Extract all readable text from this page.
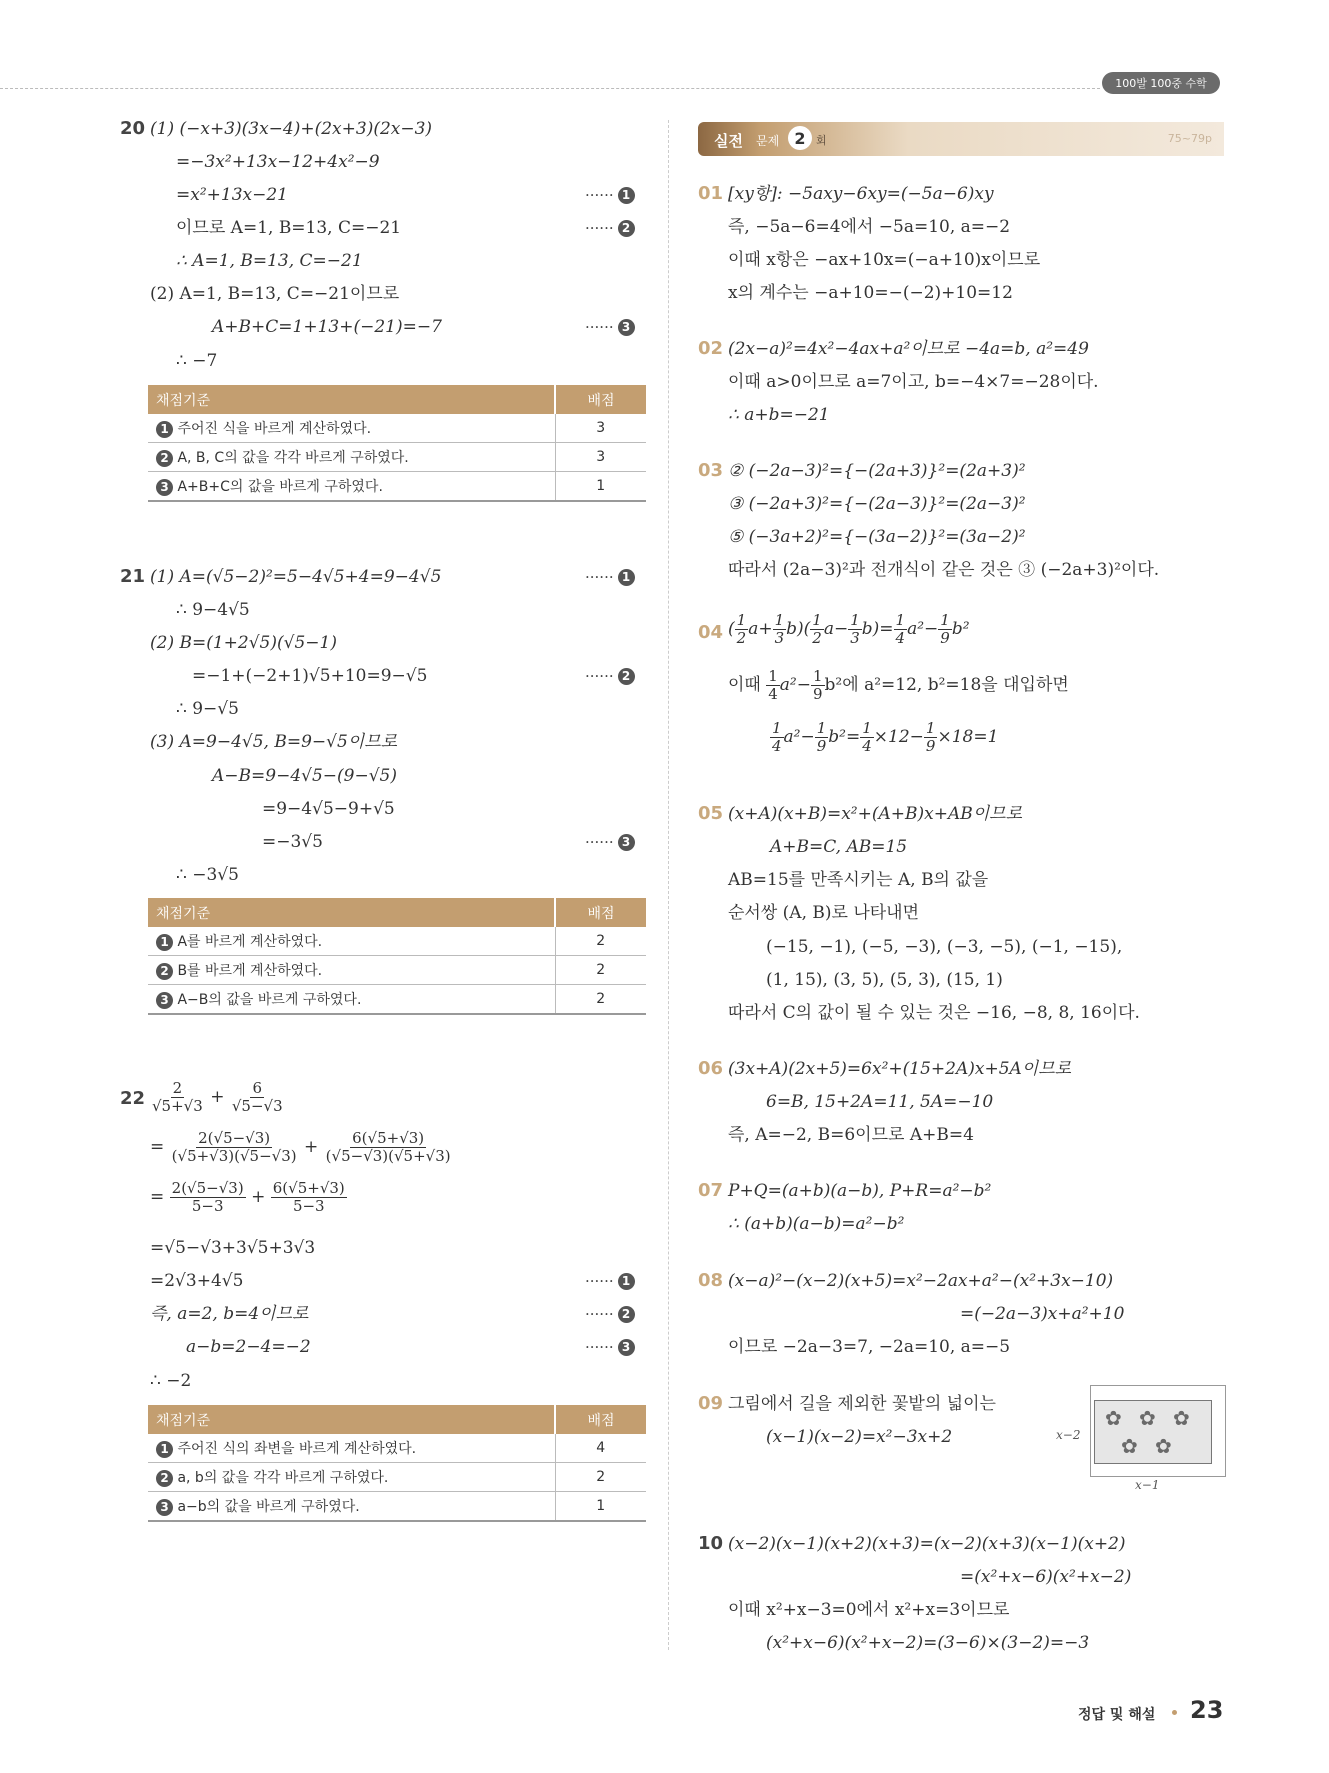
100발 100중 수학
실전 문제 2 회	75~79p
20 (1) (−x+3)(3x−4)+(2x+3)(2x−3)
=−3x²+13x−12+4x²−9
=x²+13x−21
이므로 A=1, B=13, C=−21
∴ A=1, B=13, C=−21
(2) A=1, B=13, C=−21이므로
A+B+C=1+13+(−21)=−7
∴ −7
······ 1
······ 2
······ 3
채점기준	배점
1 주어진 식을 바르게 계산하였다.	3
2 A, B, C의 값을 각각 바르게 구하였다.	3
3 A+B+C의 값을 바르게 구하였다.	1
21 (1) A=(√5−2)²=5−4√5+4=9−4√5
∴ 9−4√5
(2) B=(1+2√5)(√5−1)
=−1+(−2+1)√5+10=9−√5
∴ 9−√5
(3) A=9−4√5, B=9−√5이므로
A−B=9−4√5−(9−√5)
=9−4√5−9+√5
=−3√5
∴ −3√5
······ 1
······ 2
······ 3
채점기준	배점
1 A를 바르게 계산하였다.	2
2 B를 바르게 계산하였다.	2
3 A−B의 값을 바르게 구하였다.	2
$22 \frac{2}{√5+√3} + \frac{6}{√5-√3}$
= $\frac{2(√5-√3)}{(√5+√3)(√5-√3)} + \frac{6(√5+√3)}{(√5-√3)(√5+√3)}$
= $\frac{2(√5-√3)}{5-3} + \frac{6(√5+√3)}{5-3}$
=√5−√3+3√5+3√3
=2√3+4√5
즉, a=2, b=4이므로
a−b=2−4=−2
∴ −2
······ 1
······ 2
······ 3
채점기준	배점
1 주어진 식의 좌변을 바르게 계산하였다.	4
2 a, b의 값을 각각 바르게 구하였다.	2
3 a−b의 값을 바르게 구하였다.	1
01 [xy항]: −5axy−6xy=(−5a−6)xy
즉, −5a−6=4에서 −5a=10, a=−2
이때 x항은 −ax+10x=(−a+10)x이므로
x의 계수는 −a+10=−(−2)+10=12
02 (2x−a)²=4x²−4ax+a²이므로 −4a=b, a²=49
이때 a>0이므로 a=7이고, b=−4×7=−28이다.
∴ a+b=−21
03 ② (−2a−3)²={−(2a+3)}²=(2a+3)²
③ (−2a+3)²={−(2a−3)}²=(2a−3)²
⑤ (−3a+2)²={−(3a−2)}²=(3a−2)²
따라서 (2a−3)²과 전개식이 같은 것은 ③ (−2a+3)²이다.
04 ( $\frac{1}{2} a+ \frac{1}{3} b)( \frac{1}{2} a- \frac{1}{3} b)= \frac{1}{4} a^2- \frac{1}{9} b^2$
이때 $\frac{1}{4} a^2- \frac{1}{9} b^2$에 a²=12, b²=18을 대입하면
$\frac{1}{4} a^2- \frac{1}{9} b^2= \frac{1}{4} \times 12- \frac{1}{9} \times 18=1$
05 (x+A)(x+B)=x²+(A+B)x+AB이므로
A+B=C, AB=15
AB=15를 만족시키는 A, B의 값을
순서쌍 (A, B)로 나타내면
(−15, −1), (−5, −3), (−3, −5), (−1, −15),
(1, 15), (3, 5), (5, 3), (15, 1)
따라서 C의 값이 될 수 있는 것은 −16, −8, 8, 16이다.
06 (3x+A)(2x+5)=6x²+(15+2A)x+5A이므로
6=B, 15+2A=11, 5A=−10
즉, A=−2, B=6이므로 A+B=4
07 P+Q=(a+b)(a−b), P+R=a²−b²
∴ (a+b)(a−b)=a²−b²
08 (x−a)²−(x−2)(x+5)=x²−2ax+a²−(x²+3x−10)
=(−2a−3)x+a²+10
이므로 −2a−3=7, −2a=10, a=−5
09 그림에서 길을 제외한 꽃밭의 넓이는
(x−1)(x−2)=x²−3x+2
✿ ✿ ✿
✿ ✿
x−2
x−1
10 (x−2)(x−1)(x+2)(x+3)=(x−2)(x+3)(x−1)(x+2)
=(x²+x−6)(x²+x−2)
이때 x²+x−3=0에서 x²+x=3이므로
(x²+x−6)(x²+x−2)=(3−6)×(3−2)=−3
정답 및 해설 23
